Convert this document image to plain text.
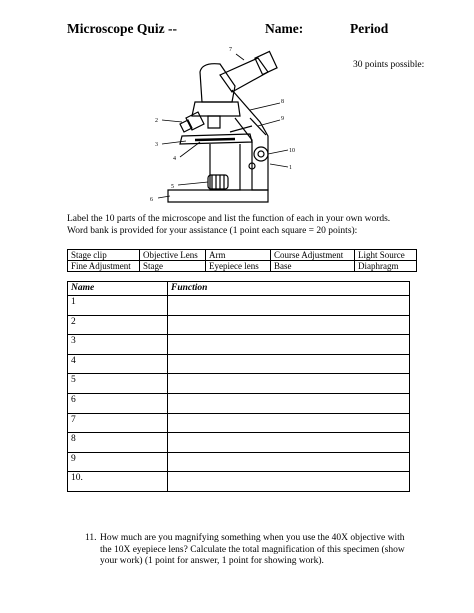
Microscope Quiz --	Name:	Period
30 points possible:
7
8
2	9
3
10
4
1
5
6
Label the 10 parts of the microscope and list the function of each in your own words.
Word bank is provided for your assistance (1 point each square = 20 points):
Stage clip	Objective Lens	Arm	Course Adjustment	Light Source
Fine Adjustment	Stage	Eyepiece lens	Base	Diaphragm
Name	Function
1	
2	
3	
4	
5	
6	
7	
8	
9	
10.	
11. How much are you magnifying something when you use the 40X objective with the 10X eyepiece lens? Calculate the total magnification of this specimen (show your work) (1 point for answer, 1 point for showing work).
